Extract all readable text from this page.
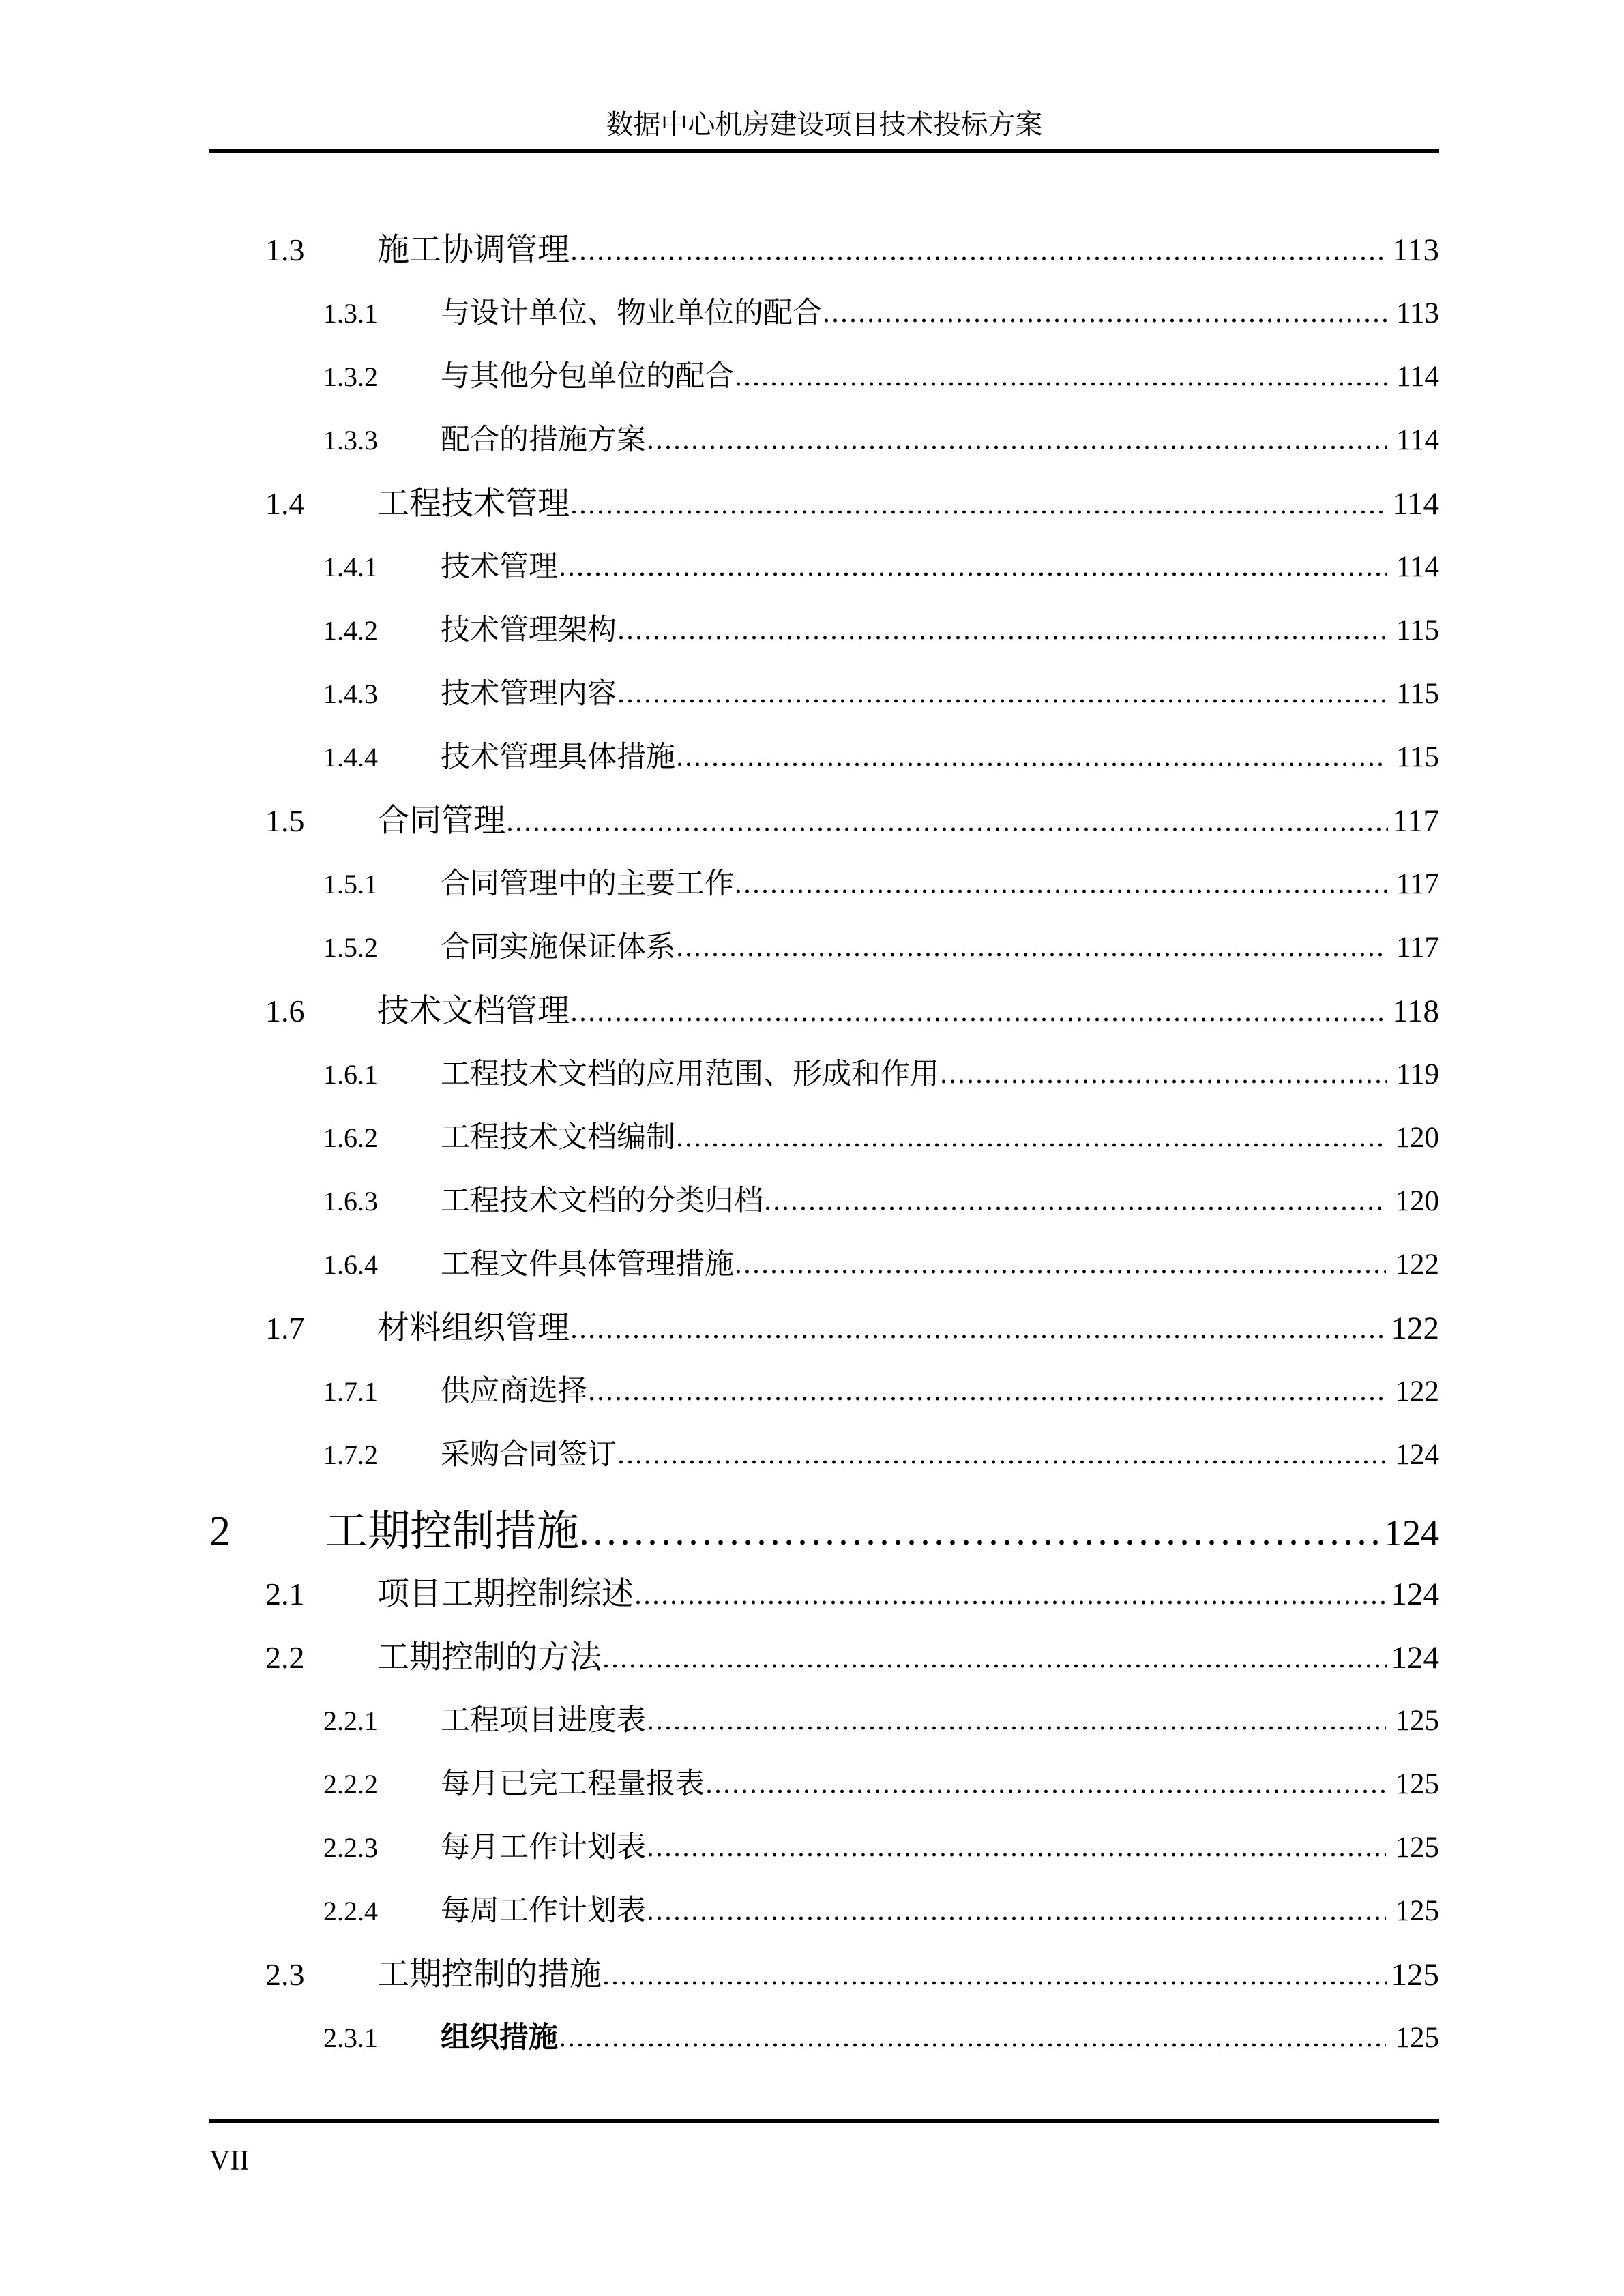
数据中心机房建设项目技术投标方案
1.3	施工协调管理	113
1.3.1	与设计单位、物业单位的配合	113
1.3.2	与其他分包单位的配合	114
1.3.3	配合的措施方案	114
1.4	工程技术管理	114
1.4.1	技术管理	114
1.4.2	技术管理架构	115
1.4.3	技术管理内容	115
1.4.4	技术管理具体措施	115
1.5	合同管理	117
1.5.1	合同管理中的主要工作	117
1.5.2	合同实施保证体系	117
1.6	技术文档管理	118
1.6.1	工程技术文档的应用范围、形成和作用	119
1.6.2	工程技术文档编制	120
1.6.3	工程技术文档的分类归档	120
1.6.4	工程文件具体管理措施	122
1.7	材料组织管理	122
1.7.1	供应商选择	122
1.7.2	采购合同签订	124
2	工期控制措施	124
2.1	项目工期控制综述	124
2.2	工期控制的方法	124
2.2.1	工程项目进度表	125
2.2.2	每月已完工程量报表	125
2.2.3	每月工作计划表	125
2.2.4	每周工作计划表	125
2.3	工期控制的措施	125
2.3.1	组织措施	125
VII
